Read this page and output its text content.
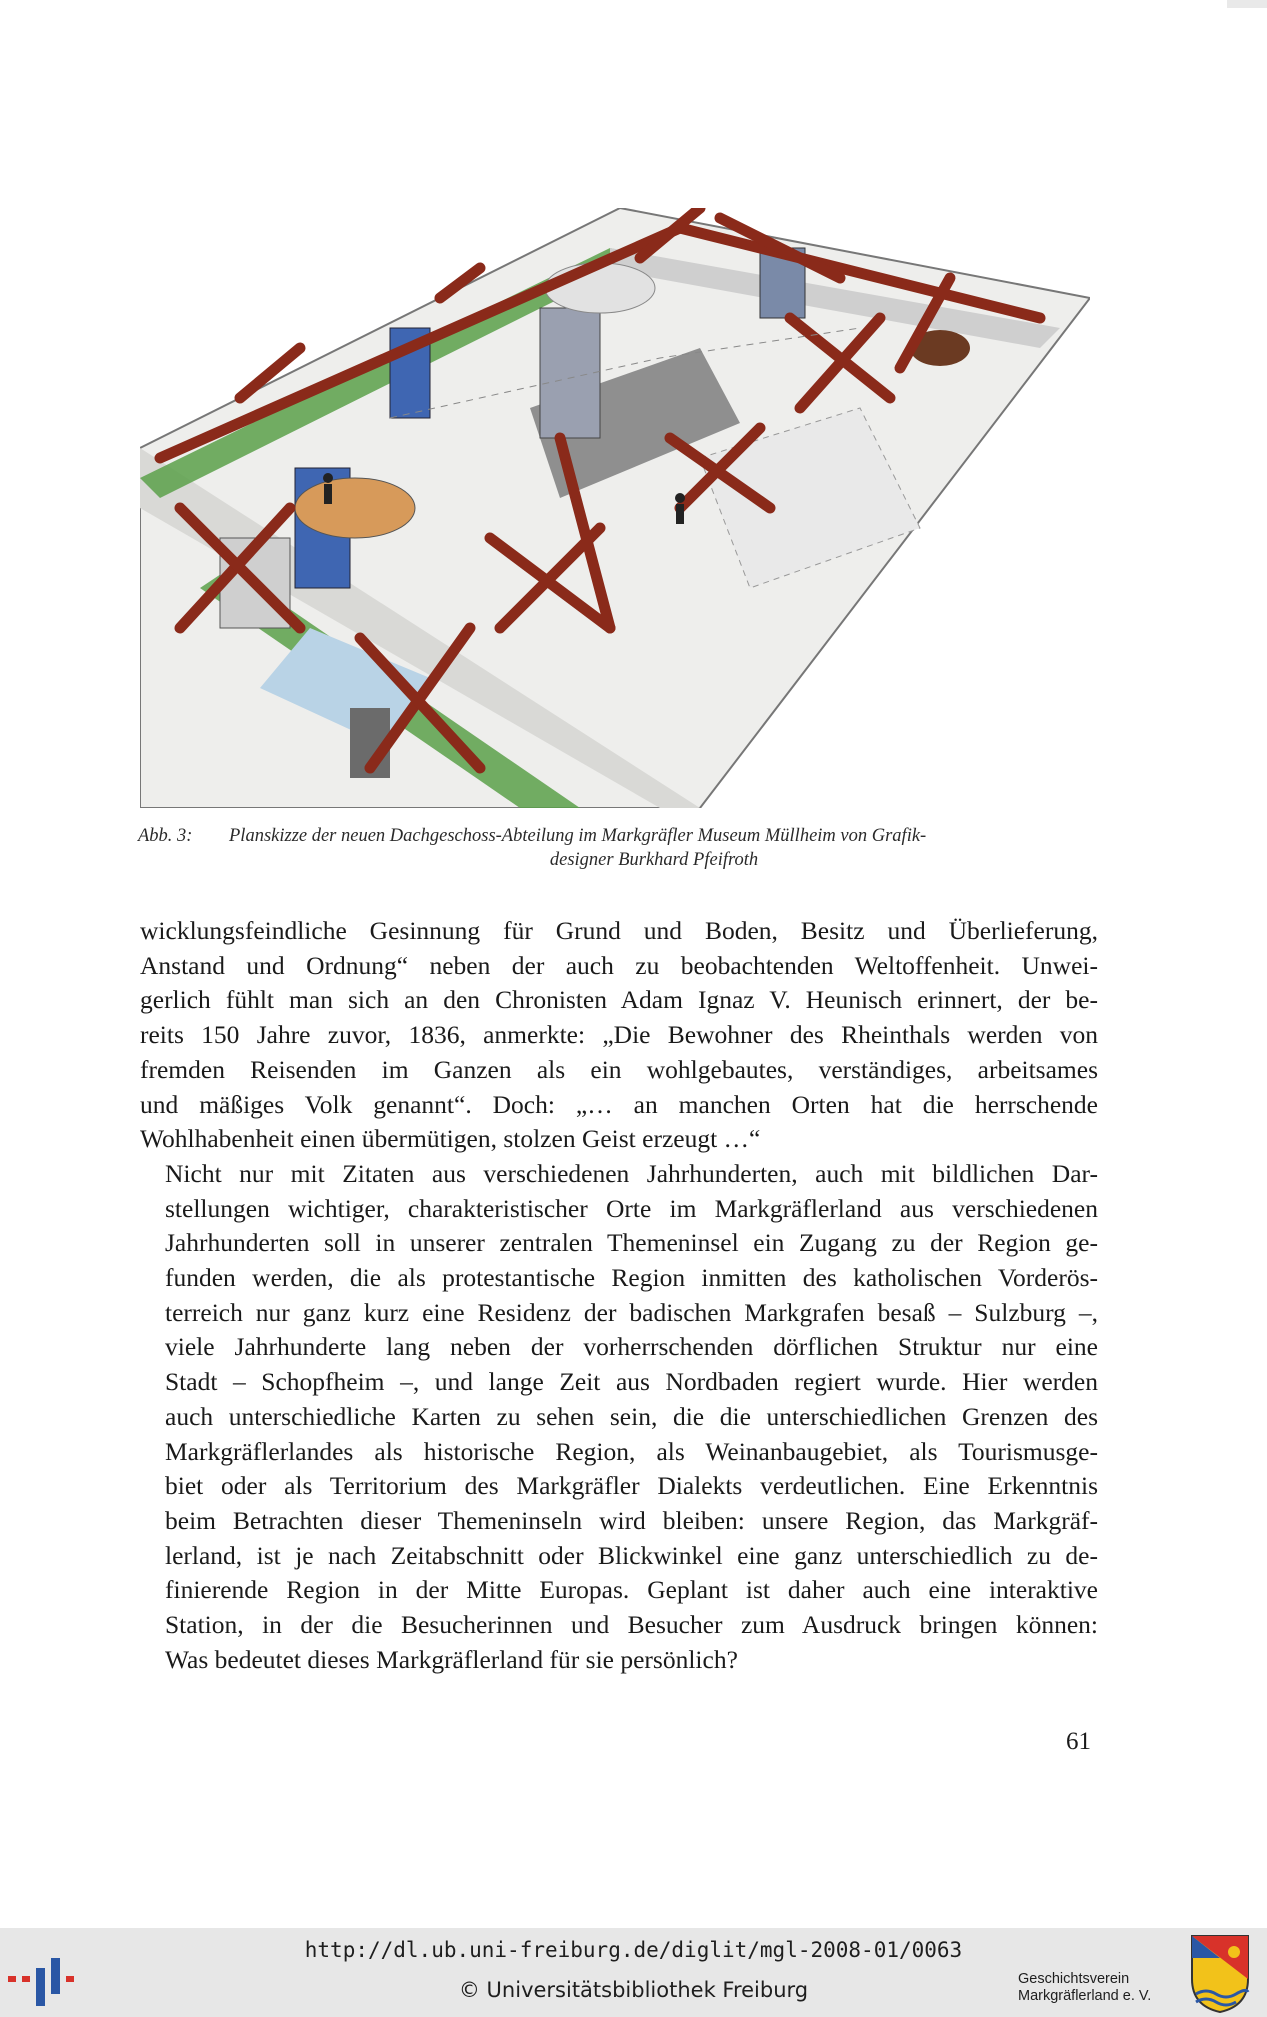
Abb. 3: Planskizze der neuen Dachgeschoss-Abteilung im Markgräfler Museum Müllheim von Grafik-
designer Burkhard Pfeifroth

wicklungsfeindliche Gesinnung für Grund und Boden, Besitz und Überlieferung,
Anstand und Ordnung“ neben der auch zu beobachtenden Weltoffenheit. Unwei-
gerlich fühlt man sich an den Chronisten Adam Ignaz V. Heunisch erinnert, der be-
reits 150 Jahre zuvor, 1836, anmerkte: „Die Bewohner des Rheinthals werden von
fremden Reisenden im Ganzen als ein wohlgebautes, verständiges, arbeitsames
und mäßiges Volk genannt“. Doch: „… an manchen Orten hat die herrschende
Wohlhabenheit einen übermütigen, stolzen Geist erzeugt …“

Nicht nur mit Zitaten aus verschiedenen Jahrhunderten, auch mit bildlichen Dar-
stellungen wichtiger, charakteristischer Orte im Markgräflerland aus verschiedenen
Jahrhunderten soll in unserer zentralen Themeninsel ein Zugang zu der Region ge-
funden werden, die als protestantische Region inmitten des katholischen Vorderös-
terreich nur ganz kurz eine Residenz der badischen Markgrafen besaß – Sulzburg –,
viele Jahrhunderte lang neben der vorherrschenden dörflichen Struktur nur eine
Stadt – Schopfheim –, und lange Zeit aus Nordbaden regiert wurde. Hier werden
auch unterschiedliche Karten zu sehen sein, die die unterschiedlichen Grenzen des
Markgräflerlandes als historische Region, als Weinanbaugebiet, als Tourismusge-
biet oder als Territorium des Markgräfler Dialekts verdeutlichen. Eine Erkenntnis
beim Betrachten dieser Themeninseln wird bleiben: unsere Region, das Markgräf-
lerland, ist je nach Zeitabschnitt oder Blickwinkel eine ganz unterschiedlich zu de-
finierende Region in der Mitte Europas. Geplant ist daher auch eine interaktive
Station, in der die Besucherinnen und Besucher zum Ausdruck bringen können:
Was bedeutet dieses Markgräflerland für sie persönlich?

61
http://dl.ub.uni-freiburg.de/diglit/mgl-2008-01/0063
© Universitätsbibliothek Freiburg	Geschichtsverein
Markgräflerland e. V.
